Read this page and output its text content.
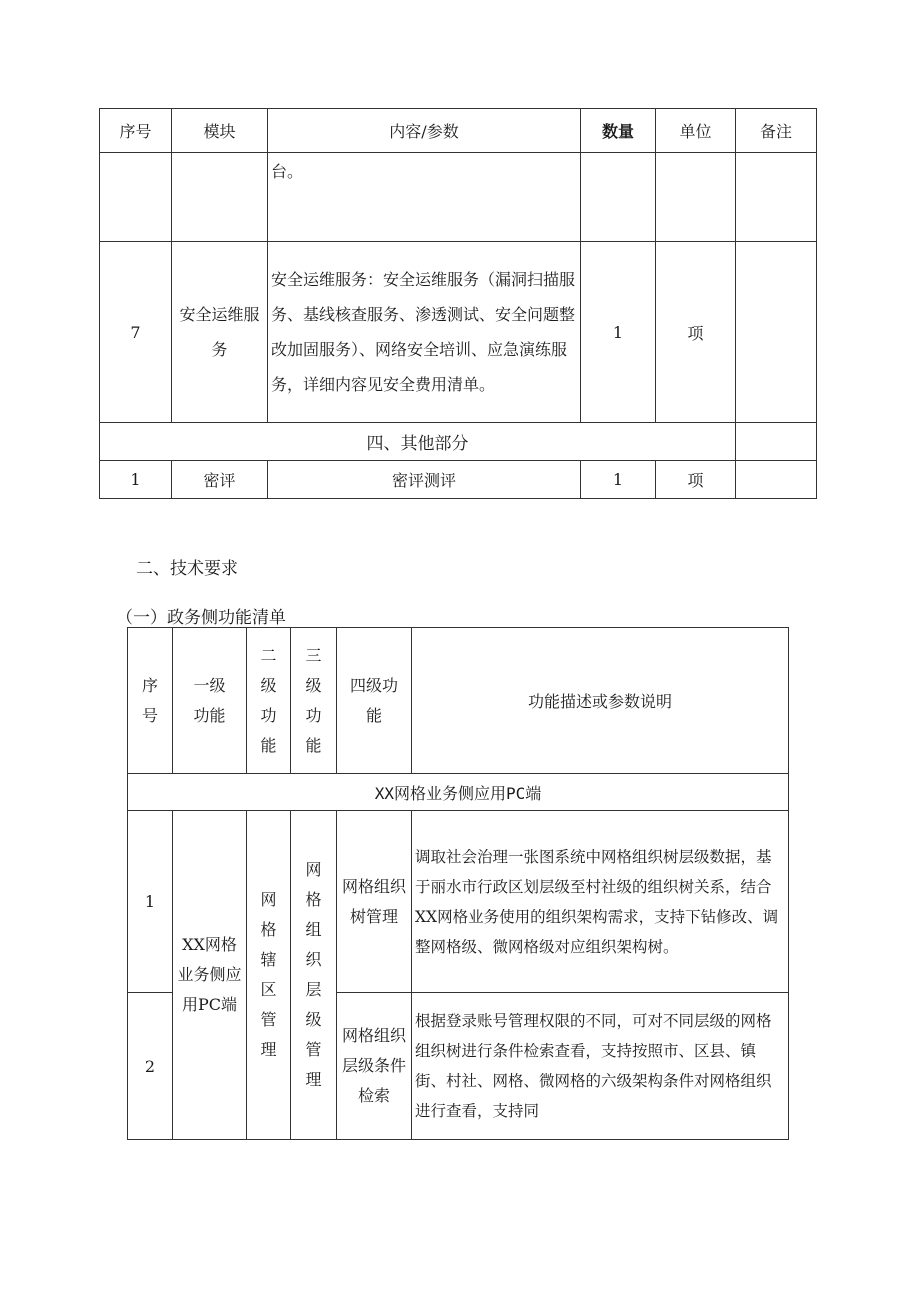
序号	模块	内容/参数	数量	单位	备注
		台。			
7	安全运维服务	安全运维服务：安全运维服务（漏洞扫描服务、基线核查服务、渗透测试、安全问题整改加固服务）、网络安全培训、应急演练服务，详细内容见安全费用清单。	1	项	
四、其他部分					
1	密评	密评测评	1	项	
二、技术要求
（一）政务侧功能清单
序号	一级功能	二级功能	三级功能	四级功能	功能描述或参数说明
XX网格业务侧应用PC端					
1	XX网格业务侧应用PC端	网格辖区管理	网格组织层级管理	网格组织树管理	调取社会治理一张图系统中网格组织树层级数据，基于丽水市行政区划层级至村社级的组织树关系，结合XX网格业务使用的组织架构需求，支持下钻修改、调整网格级、微网格级对应组织架构树。
2				网格组织层级条件检索	根据登录账号管理权限的不同，可对不同层级的网格组织树进行条件检索查看，支持按照市、区县、镇街、村社、网格、微网格的六级架构条件对网格组织进行查看，支持同
